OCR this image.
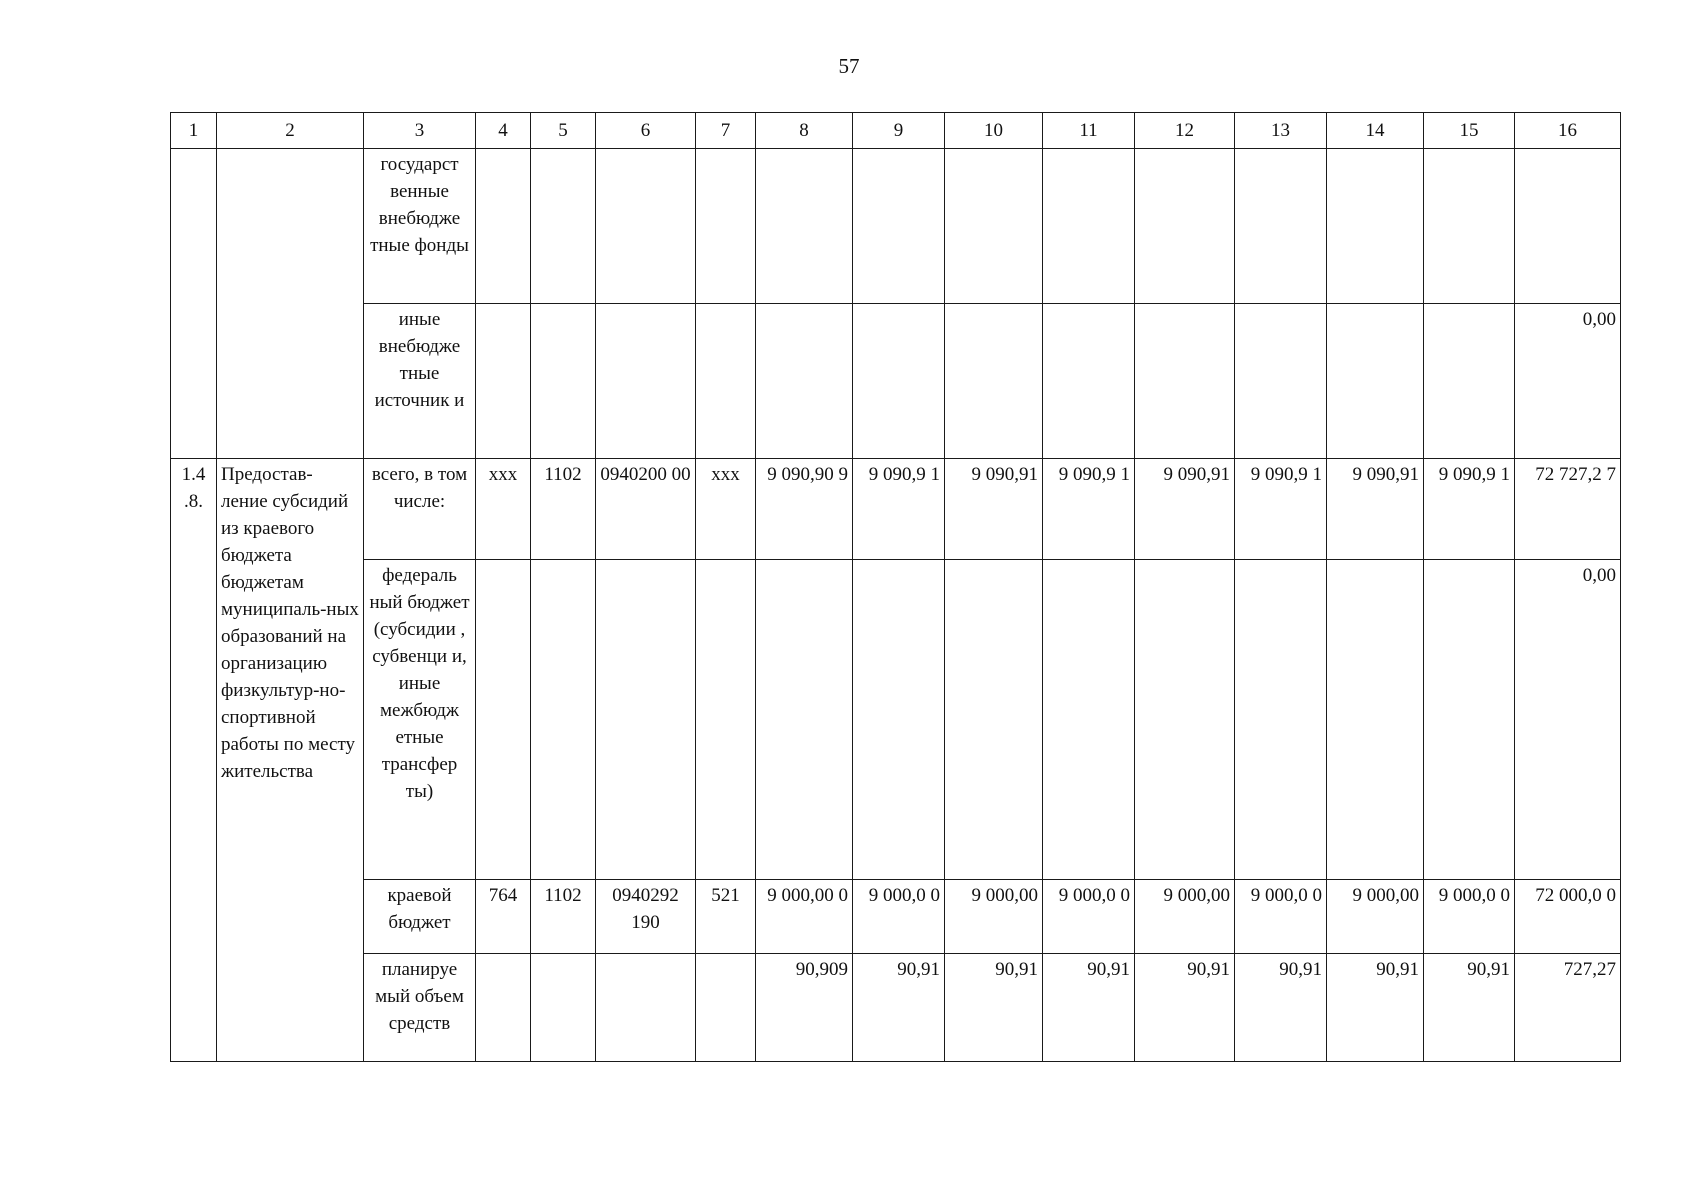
57
1	2	3	4	5	6	7	8	9	10	11	12	13	14	15	16
		государст венные внебюдже тные фонды													
		иные внебюдже тные источник и													0,00
1.4 .8.	Предостав-ление субсидий из краевого бюджета бюджетам муниципаль-ных образований на организацию физкультур-но-спортивной работы по месту жительства	всего, в том числе:	xxx	1102	0940200 00	xxx	9 090,90 9	9 090,9 1	9 090,91	9 090,9 1	9 090,91	9 090,9 1	9 090,91	9 090,9 1	72 727,2 7
		федераль ный бюджет (субсидии , субвенци и, иные межбюдж етные трансфер ты)													0,00
		краевой бюджет	764	1102	0940292 190	521	9 000,00 0	9 000,0 0	9 000,00	9 000,0 0	9 000,00	9 000,0 0	9 000,00	9 000,0 0	72 000,0 0
		планируе мый объем средств					90,909	90,91	90,91	90,91	90,91	90,91	90,91	90,91	727,27
